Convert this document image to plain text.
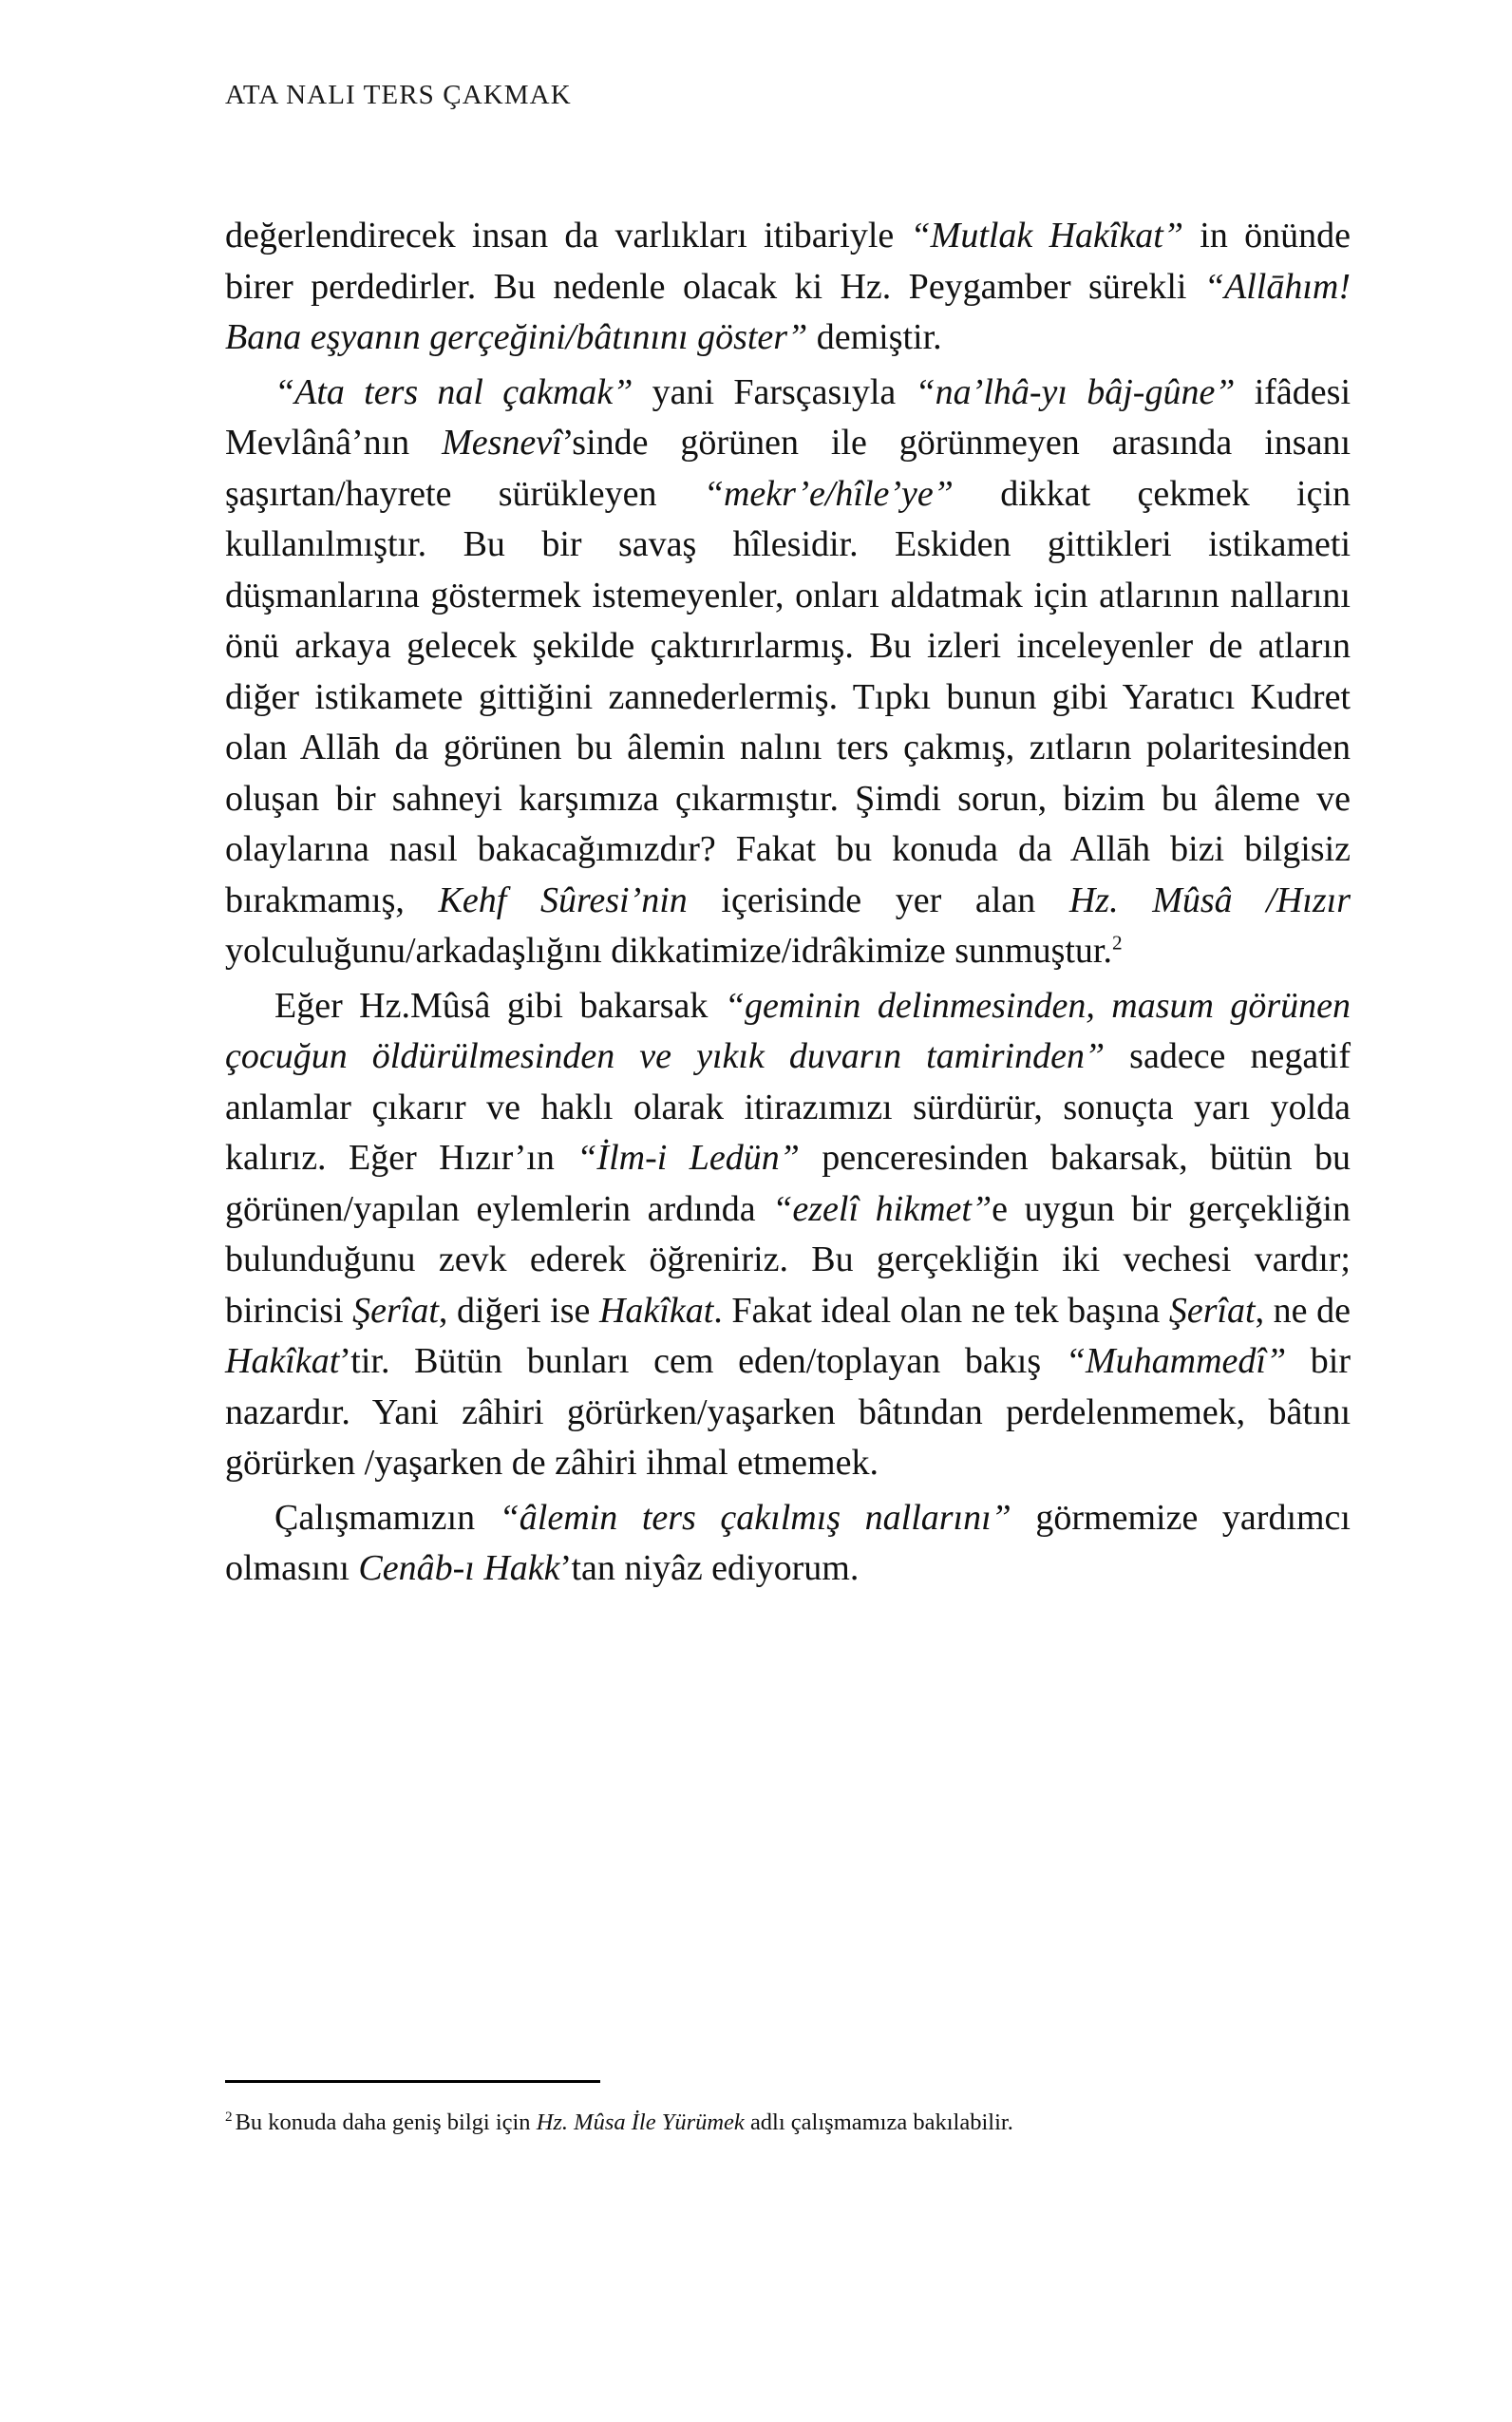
ATA NALI TERS ÇAKMAK

değerlendirecek insan da varlıkları itibariyle “Mutlak Hakîkat” in önünde birer perdedirler. Bu nedenle olacak ki Hz. Peygamber sürekli “Allāhım! Bana eşyanın gerçeğini/bâtınını göster” demiştir.

“Ata ters nal çakmak” yani Farsçasıyla “na’lhâ-yı bâj-gûne” ifâdesi Mevlânâ’nın Mesnevî’sinde görünen ile görünmeyen arasında insanı şaşırtan/hayrete sürükleyen “mekr’e/hîle’ye” dikkat çekmek için kullanılmıştır. Bu bir savaş hîlesidir. Eskiden gittikleri istikameti düşmanlarına göstermek istemeyenler, onları aldatmak için atlarının nallarını önü arkaya gelecek şekilde çaktırırlarmış. Bu izleri inceleyenler de atların diğer istikamete gittiğini zannederlermiş. Tıpkı bunun gibi Yaratıcı Kudret olan Allāh da görünen bu âlemin nalını ters çakmış, zıtların polaritesinden oluşan bir sahneyi karşımıza çıkarmıştır. Şimdi sorun, bizim bu âleme ve olaylarına nasıl bakacağımızdır? Fakat bu konuda da Allāh bizi bilgisiz bırakmamış, Kehf Sûresi’nin içerisinde yer alan Hz. Mûsâ /Hızır yolculuğunu/arkadaşlığını dikkatimize/idrâkimize sunmuştur.$^2$

Eğer Hz.Mûsâ gibi bakarsak “geminin delinmesinden, masum görünen çocuğun öldürülmesinden ve yıkık duvarın tamirinden” sadece negatif anlamlar çıkarır ve haklı olarak itirazımızı sürdürür, sonuçta yarı yolda kalırız. Eğer Hızır’ın “İlm-i Ledün” penceresinden bakarsak, bütün bu görünen/yapılan eylemlerin ardında “ezelî hikmet”e uygun bir gerçekliğin bulunduğunu zevk ederek öğreniriz. Bu gerçekliğin iki vechesi vardır; birincisi Şerîat, diğeri ise Hakîkat. Fakat ideal olan ne tek başına Şerîat, ne de Hakîkat’tir. Bütün bunları cem eden/toplayan bakış “Muhammedî” bir nazardır. Yani zâhiri görürken/yaşarken bâtından perdelenmemek, bâtını görürken /yaşarken de zâhiri ihmal etmemek.

Çalışmamızın “âlemin ters çakılmış nallarını” görmemize yardımcı olmasını Cenâb-ı Hakk’tan niyâz ediyorum.

$^2$ Bu konuda daha geniş bilgi için Hz. Mûsa İle Yürümek adlı çalışmamıza bakılabilir.
